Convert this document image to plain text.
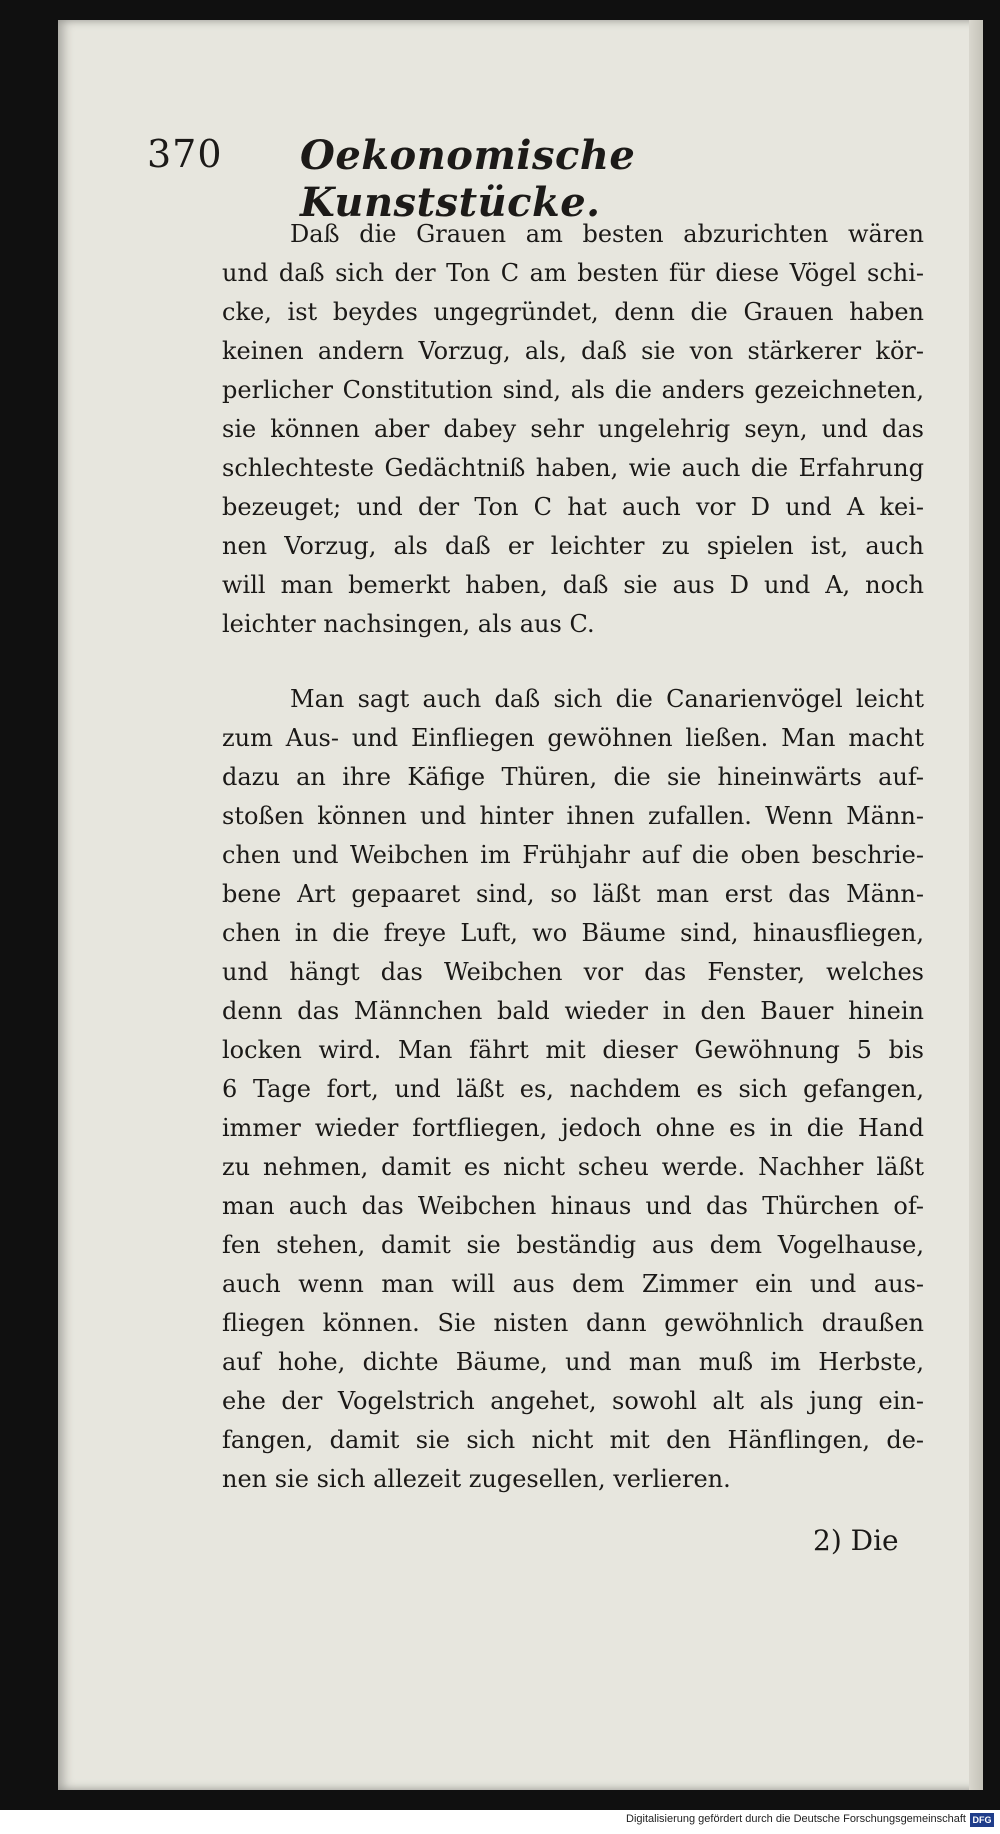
370 Oekonomische Kunststücke.
Daß die Grauen am besten abzurichten wären
und daß sich der Ton C am besten für diese Vögel schi-
cke, ist beydes ungegründet, denn die Grauen haben
keinen andern Vorzug, als, daß sie von stärkerer kör-
perlicher Constitution sind, als die anders gezeichneten,
sie können aber dabey sehr ungelehrig seyn, und das
schlechteste Gedächtniß haben, wie auch die Erfahrung
bezeuget; und der Ton C hat auch vor D und A kei-
nen Vorzug, als daß er leichter zu spielen ist, auch
will man bemerkt haben, daß sie aus D und A, noch
leichter nachsingen, als aus C.
Man sagt auch daß sich die Canarienvögel leicht
zum Aus- und Einfliegen gewöhnen ließen. Man macht
dazu an ihre Käfige Thüren, die sie hineinwärts auf-
stoßen können und hinter ihnen zufallen. Wenn Männ-
chen und Weibchen im Frühjahr auf die oben beschrie-
bene Art gepaaret sind, so läßt man erst das Männ-
chen in die freye Luft, wo Bäume sind, hinausfliegen,
und hängt das Weibchen vor das Fenster, welches
denn das Männchen bald wieder in den Bauer hinein
locken wird. Man fährt mit dieser Gewöhnung 5 bis
6 Tage fort, und läßt es, nachdem es sich gefangen,
immer wieder fortfliegen, jedoch ohne es in die Hand
zu nehmen, damit es nicht scheu werde. Nachher läßt
man auch das Weibchen hinaus und das Thürchen of-
fen stehen, damit sie beständig aus dem Vogelhause,
auch wenn man will aus dem Zimmer ein und aus-
fliegen können. Sie nisten dann gewöhnlich draußen
auf hohe, dichte Bäume, und man muß im Herbste,
ehe der Vogelstrich angehet, sowohl alt als jung ein-
fangen, damit sie sich nicht mit den Hänflingen, de-
nen sie sich allezeit zugesellen, verlieren.
2) Die
Digitalisierung gefördert durch die Deutsche Forschungsgemeinschaft DFG
